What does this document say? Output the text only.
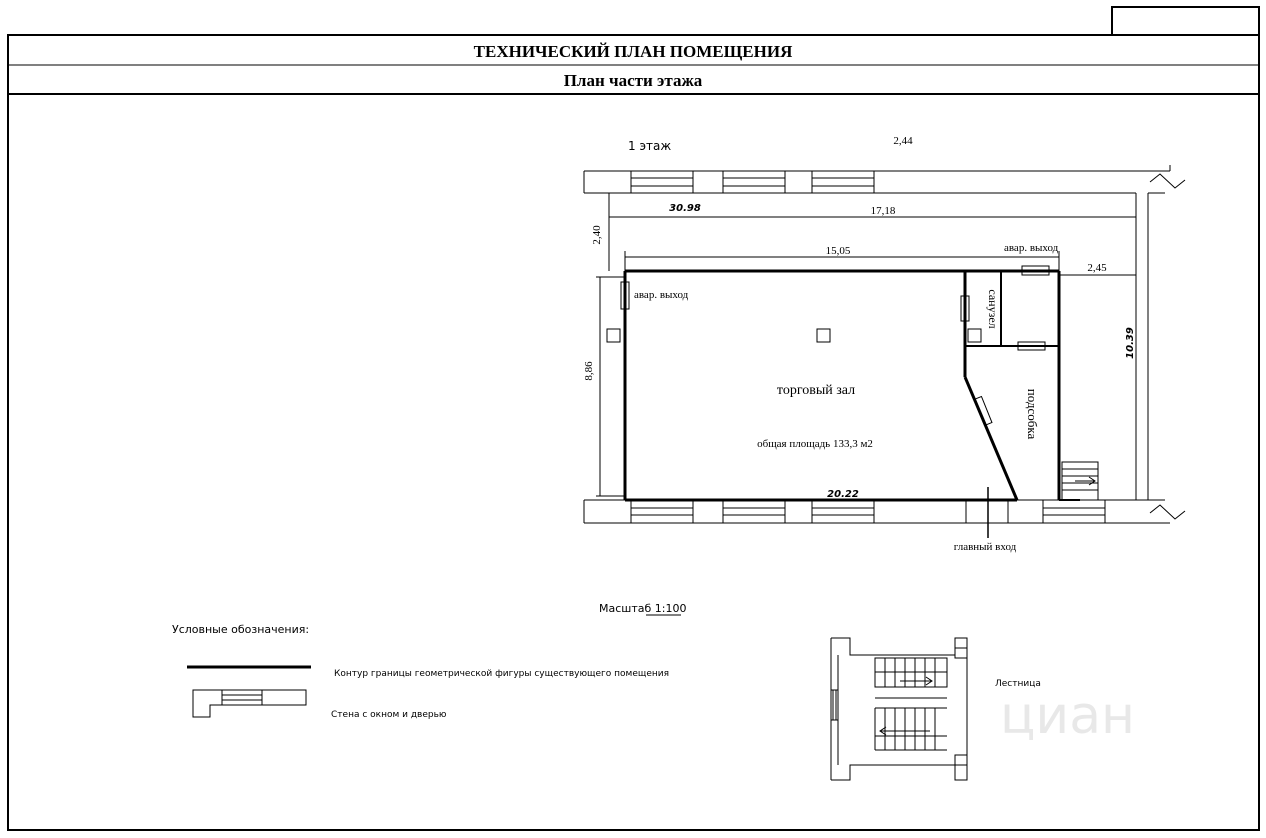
ТЕХНИЧЕСКИЙ ПЛАН ПОМЕЩЕНИЯ
План части этажа
циан
1 этаж	2,44
30.98	17,18
15,05
2,45
2,40
8,86
10.39
20.22
авар. выход
авар. выход
главный вход
торговый зал
общая площадь 133,3 м2
санузел
подсобка
Масштаб 1:100
Условные обозначения:
Контур границы геометрической фигуры существующего помещения
Стена с окном и дверью
Лестница
